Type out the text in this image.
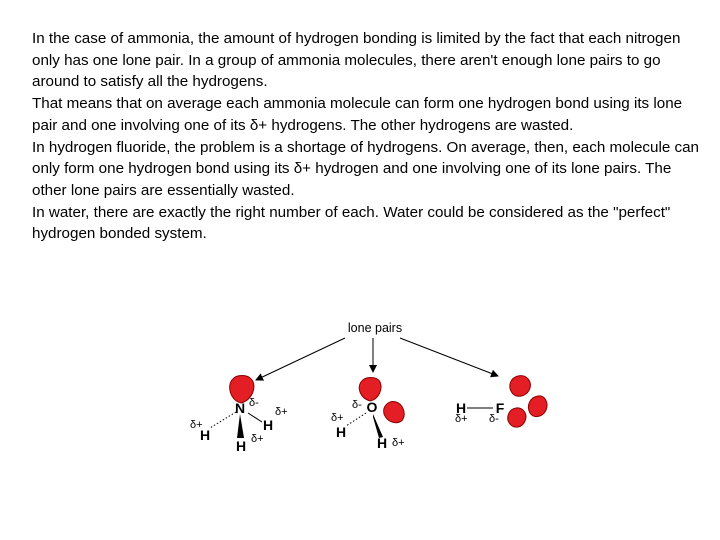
In the case of ammonia, the amount of hydrogen bonding is limited by the fact that each nitrogen only has one lone pair. In a group of ammonia molecules, there aren't enough lone pairs to go around to satisfy all the hydrogens.

That means that on average each ammonia molecule can form one hydrogen bond using its lone pair and one involving one of its δ+ hydrogens. The other hydrogens are wasted.

In hydrogen fluoride, the problem is a shortage of hydrogens. On average, then, each molecule can only form one hydrogen bond using its δ+ hydrogen and one involving one of its lone pairs. The other lone pairs are essentially wasted.

In water, there are exactly the right number of each. Water could be considered as the "perfect" hydrogen bonded system.

lone pairs
N δ-
H
δ+	H
δ+
H δ+
O
δ-
H
δ+
H δ+
H
δ+
F
δ-
